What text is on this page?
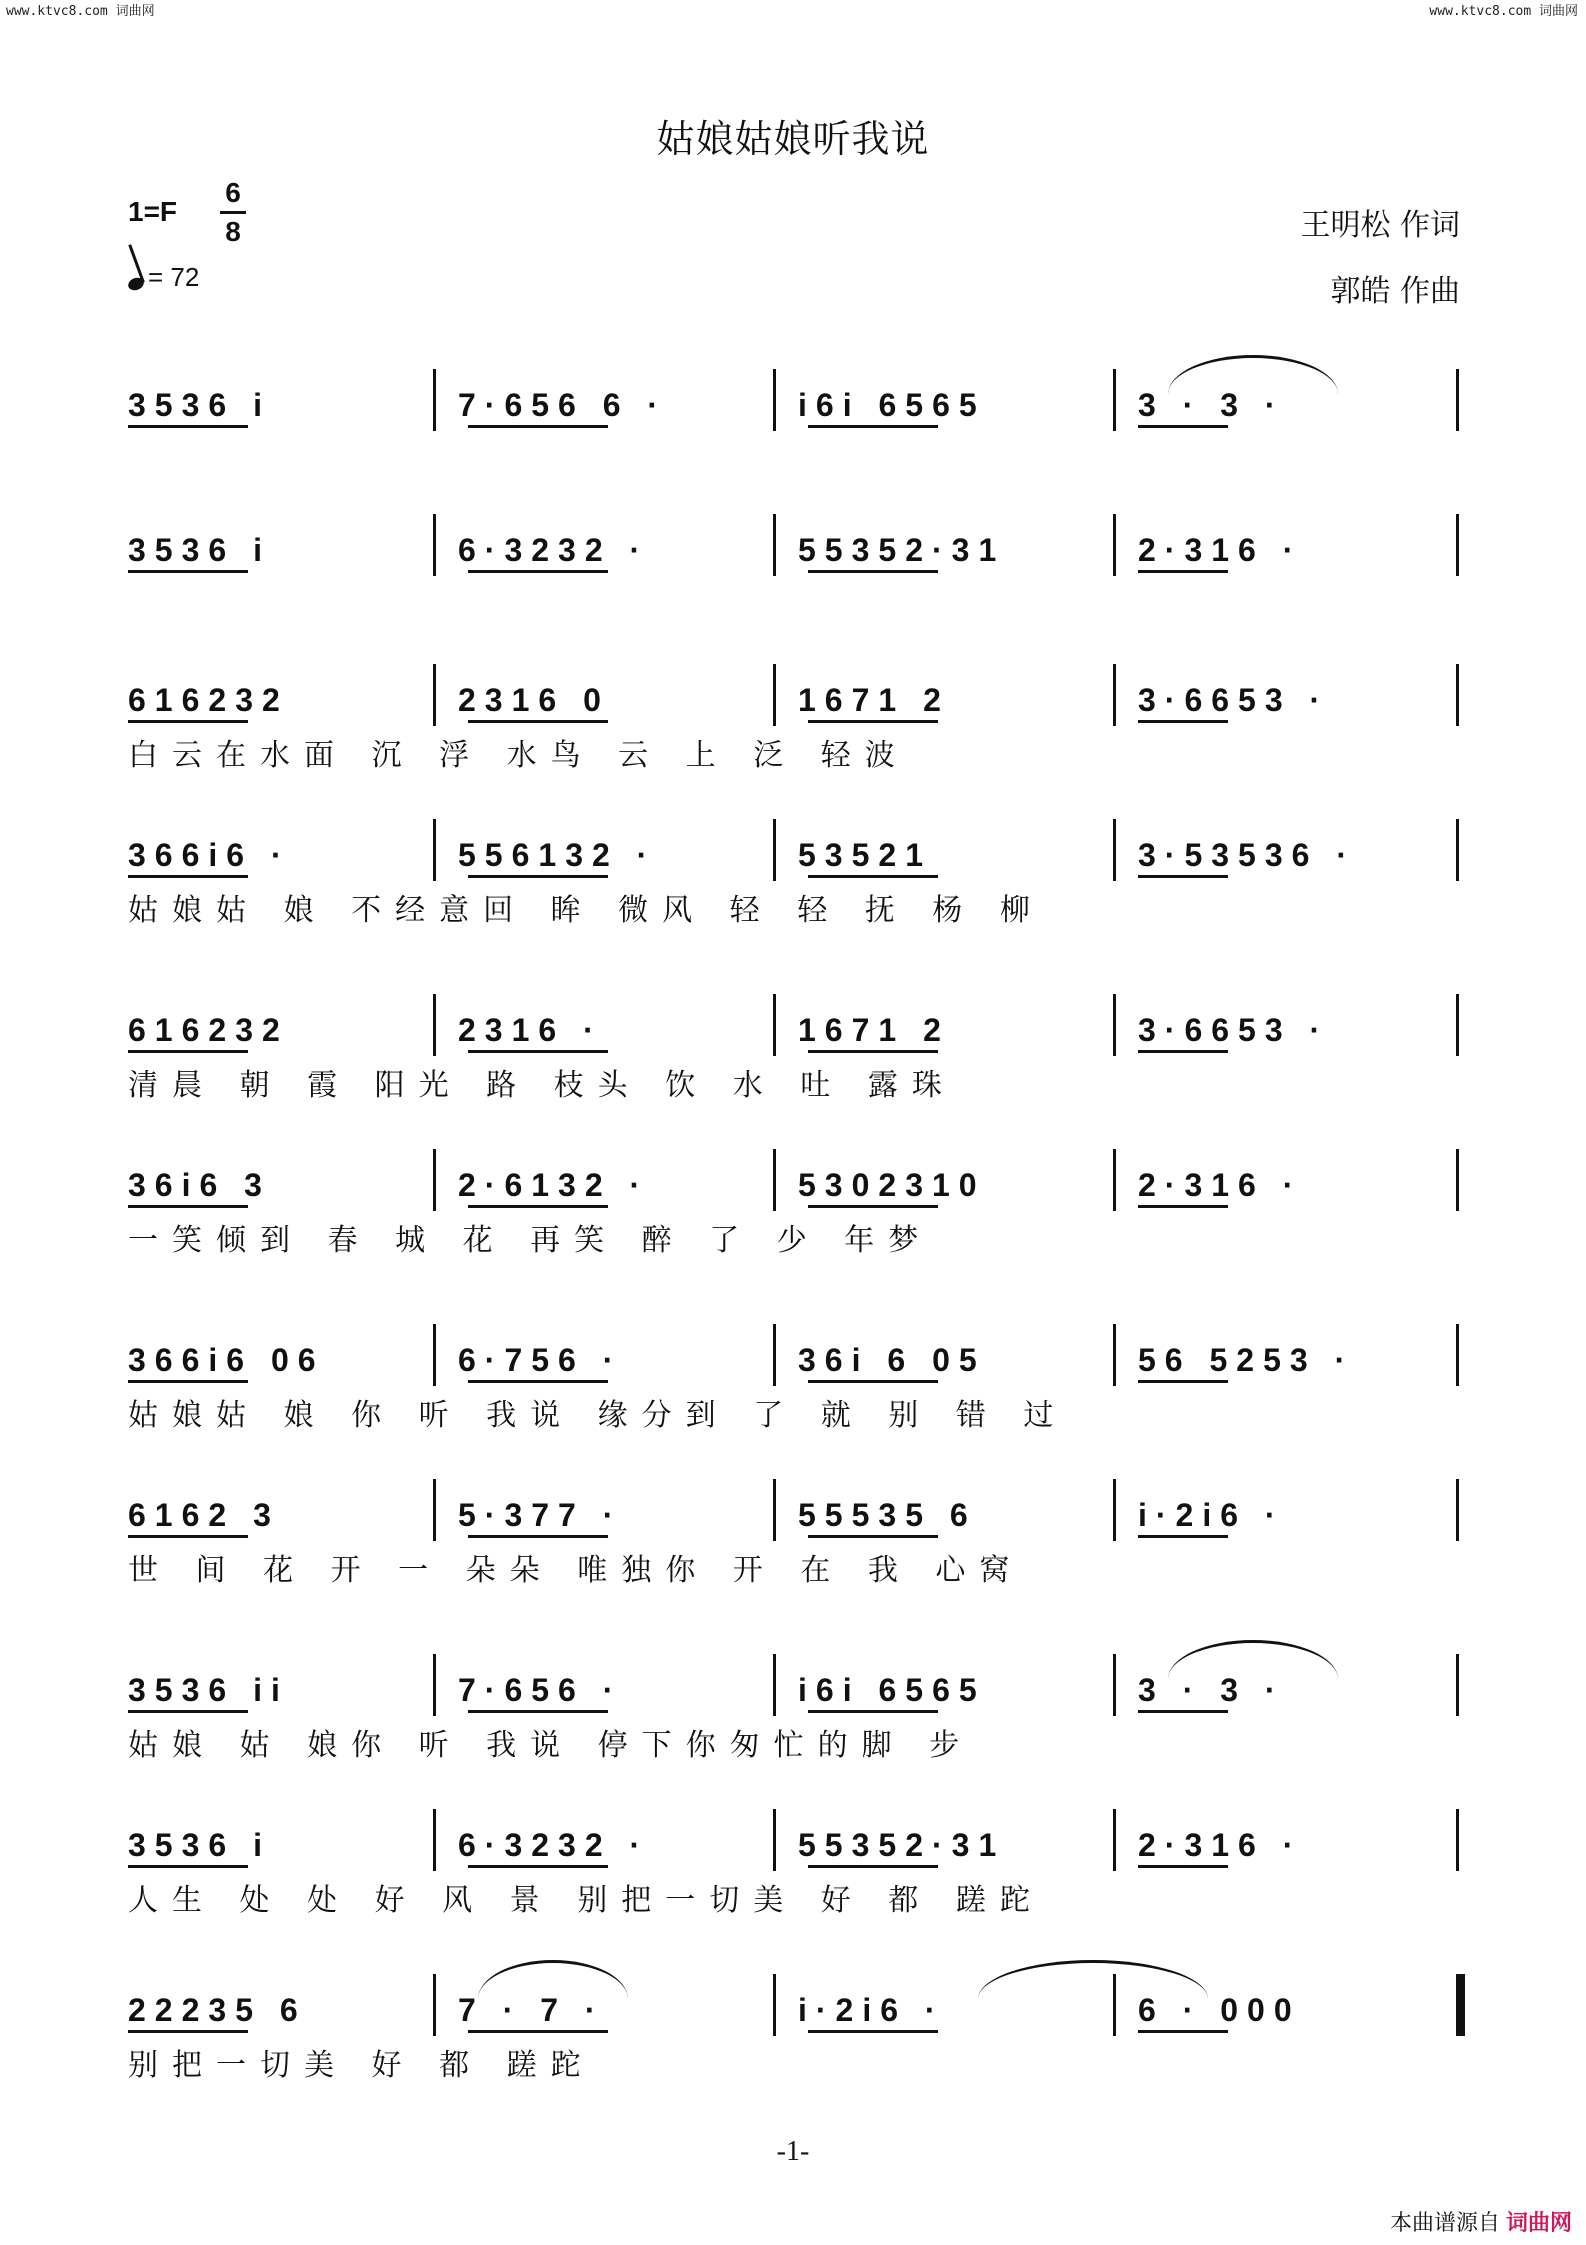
www.ktvc8.com 词曲网	www.ktvc8.com 词曲网
姑娘姑娘听我说
1=F
6
8
= 72
王明松 作词
郭皓 作曲
3536 i	7·656 6 ·	i6i 6565	3 · 3 ·
3536 i	6·3232 ·	55352·31	2·316 ·
616232	2316 0	1671 2	3·6653 ·
白云在水面 沉 浮 水鸟 云 上 泛 轻波
366i6 ·	556132 ·	53521	3·53536 ·
姑娘姑 娘 不经意回 眸 微风 轻 轻 抚 杨 柳
616232	2316 ·	1671 2	3·6653 ·
清晨 朝 霞 阳光 路 枝头 饮 水 吐 露珠
36i6 3	2·6132 ·	5302310	2·316 ·
一笑倾到 春 城 花 再笑 醉 了 少 年梦
366i6 06	6·756 ·	36i 6 05	56 5253 ·
姑娘姑 娘 你 听 我说 缘分到 了 就 别 错 过
6162 3	5·377 ·	55535 6	i·2i6 ·
世 间 花 开 一 朵朵 唯独你 开 在 我 心窝
3536 ii	7·656 ·	i6i 6565	3 · 3 ·
姑娘 姑 娘你 听 我说 停下你匆忙的脚 步
3536 i	6·3232 ·	55352·31	2·316 ·
人生 处 处 好 风 景 别把一切美 好 都 蹉跎
22235 6	7 · 7 ·	i·2i6 ·	6 · 000
别把一切美 好 都 蹉跎
-1-
本曲谱源自 词曲网
